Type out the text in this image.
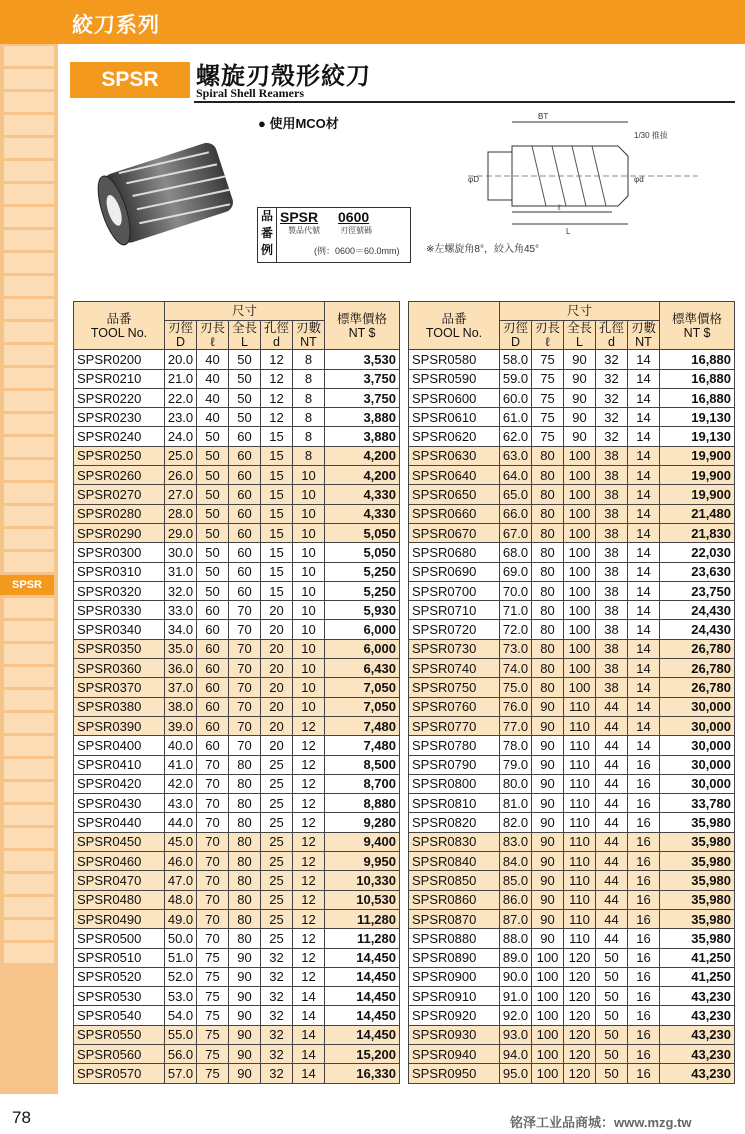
絞刀系列
SPSR
SPSR	螺旋刃殼形絞刀
Spiral Shell Reamers
● 使用MCO材
品番例
SPSR 0600
製品代號	刃徑號碼
(例：0600＝60.0mm)
BT
1/30 推拔
ℓ
L
φD	φd
※左螺旋角8°，絞入角45°
品番
TOOL No.	尺寸					標準價格
NT $
	刃徑
D	刃長
ℓ	全長
L	孔徑
d	刃數
NT	
SPSR0200	20.0	40	50	12	8	3,530
SPSR0210	21.0	40	50	12	8	3,750
SPSR0220	22.0	40	50	12	8	3,750
SPSR0230	23.0	40	50	12	8	3,880
SPSR0240	24.0	50	60	15	8	3,880
SPSR0250	25.0	50	60	15	8	4,200
SPSR0260	26.0	50	60	15	10	4,200
SPSR0270	27.0	50	60	15	10	4,330
SPSR0280	28.0	50	60	15	10	4,330
SPSR0290	29.0	50	60	15	10	5,050
SPSR0300	30.0	50	60	15	10	5,050
SPSR0310	31.0	50	60	15	10	5,250
SPSR0320	32.0	50	60	15	10	5,250
SPSR0330	33.0	60	70	20	10	5,930
SPSR0340	34.0	60	70	20	10	6,000
SPSR0350	35.0	60	70	20	10	6,000
SPSR0360	36.0	60	70	20	10	6,430
SPSR0370	37.0	60	70	20	10	7,050
SPSR0380	38.0	60	70	20	10	7,050
SPSR0390	39.0	60	70	20	12	7,480
SPSR0400	40.0	60	70	20	12	7,480
SPSR0410	41.0	70	80	25	12	8,500
SPSR0420	42.0	70	80	25	12	8,700
SPSR0430	43.0	70	80	25	12	8,880
SPSR0440	44.0	70	80	25	12	9,280
SPSR0450	45.0	70	80	25	12	9,400
SPSR0460	46.0	70	80	25	12	9,950
SPSR0470	47.0	70	80	25	12	10,330
SPSR0480	48.0	70	80	25	12	10,530
SPSR0490	49.0	70	80	25	12	11,280
SPSR0500	50.0	70	80	25	12	11,280
SPSR0510	51.0	75	90	32	12	14,450
SPSR0520	52.0	75	90	32	12	14,450
SPSR0530	53.0	75	90	32	14	14,450
SPSR0540	54.0	75	90	32	14	14,450
SPSR0550	55.0	75	90	32	14	14,450
SPSR0560	56.0	75	90	32	14	15,200
SPSR0570	57.0	75	90	32	14	16,330
品番
TOOL No.	尺寸					標準價格
NT $
	刃徑
D	刃長
ℓ	全長
L	孔徑
d	刃數
NT	
SPSR0580	58.0	75	90	32	14	16,880
SPSR0590	59.0	75	90	32	14	16,880
SPSR0600	60.0	75	90	32	14	16,880
SPSR0610	61.0	75	90	32	14	19,130
SPSR0620	62.0	75	90	32	14	19,130
SPSR0630	63.0	80	100	38	14	19,900
SPSR0640	64.0	80	100	38	14	19,900
SPSR0650	65.0	80	100	38	14	19,900
SPSR0660	66.0	80	100	38	14	21,480
SPSR0670	67.0	80	100	38	14	21,830
SPSR0680	68.0	80	100	38	14	22,030
SPSR0690	69.0	80	100	38	14	23,630
SPSR0700	70.0	80	100	38	14	23,750
SPSR0710	71.0	80	100	38	14	24,430
SPSR0720	72.0	80	100	38	14	24,430
SPSR0730	73.0	80	100	38	14	26,780
SPSR0740	74.0	80	100	38	14	26,780
SPSR0750	75.0	80	100	38	14	26,780
SPSR0760	76.0	90	110	44	14	30,000
SPSR0770	77.0	90	110	44	14	30,000
SPSR0780	78.0	90	110	44	14	30,000
SPSR0790	79.0	90	110	44	16	30,000
SPSR0800	80.0	90	110	44	16	30,000
SPSR0810	81.0	90	110	44	16	33,780
SPSR0820	82.0	90	110	44	16	35,980
SPSR0830	83.0	90	110	44	16	35,980
SPSR0840	84.0	90	110	44	16	35,980
SPSR0850	85.0	90	110	44	16	35,980
SPSR0860	86.0	90	110	44	16	35,980
SPSR0870	87.0	90	110	44	16	35,980
SPSR0880	88.0	90	110	44	16	35,980
SPSR0890	89.0	100	120	50	16	41,250
SPSR0900	90.0	100	120	50	16	41,250
SPSR0910	91.0	100	120	50	16	43,230
SPSR0920	92.0	100	120	50	16	43,230
SPSR0930	93.0	100	120	50	16	43,230
SPSR0940	94.0	100	120	50	16	43,230
SPSR0950	95.0	100	120	50	16	43,230
78	铭泽工业品商城：www.mzg.tw
